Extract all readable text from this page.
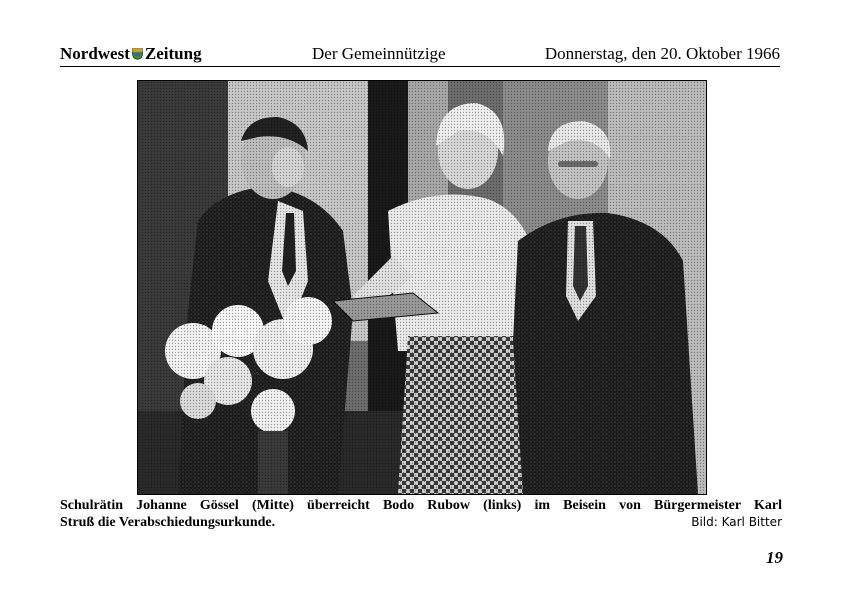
Nordwest Zeitung	Der Gemeinnützige	Donnerstag, den 20. Oktober 1966
Schulrätin Johanne Gössel (Mitte) überreicht Bodo Rubow (links) im Beisein von Bürgermeister Karl
Struß die Verabschiedungsurkunde.	Bild: Karl Bitter
19
